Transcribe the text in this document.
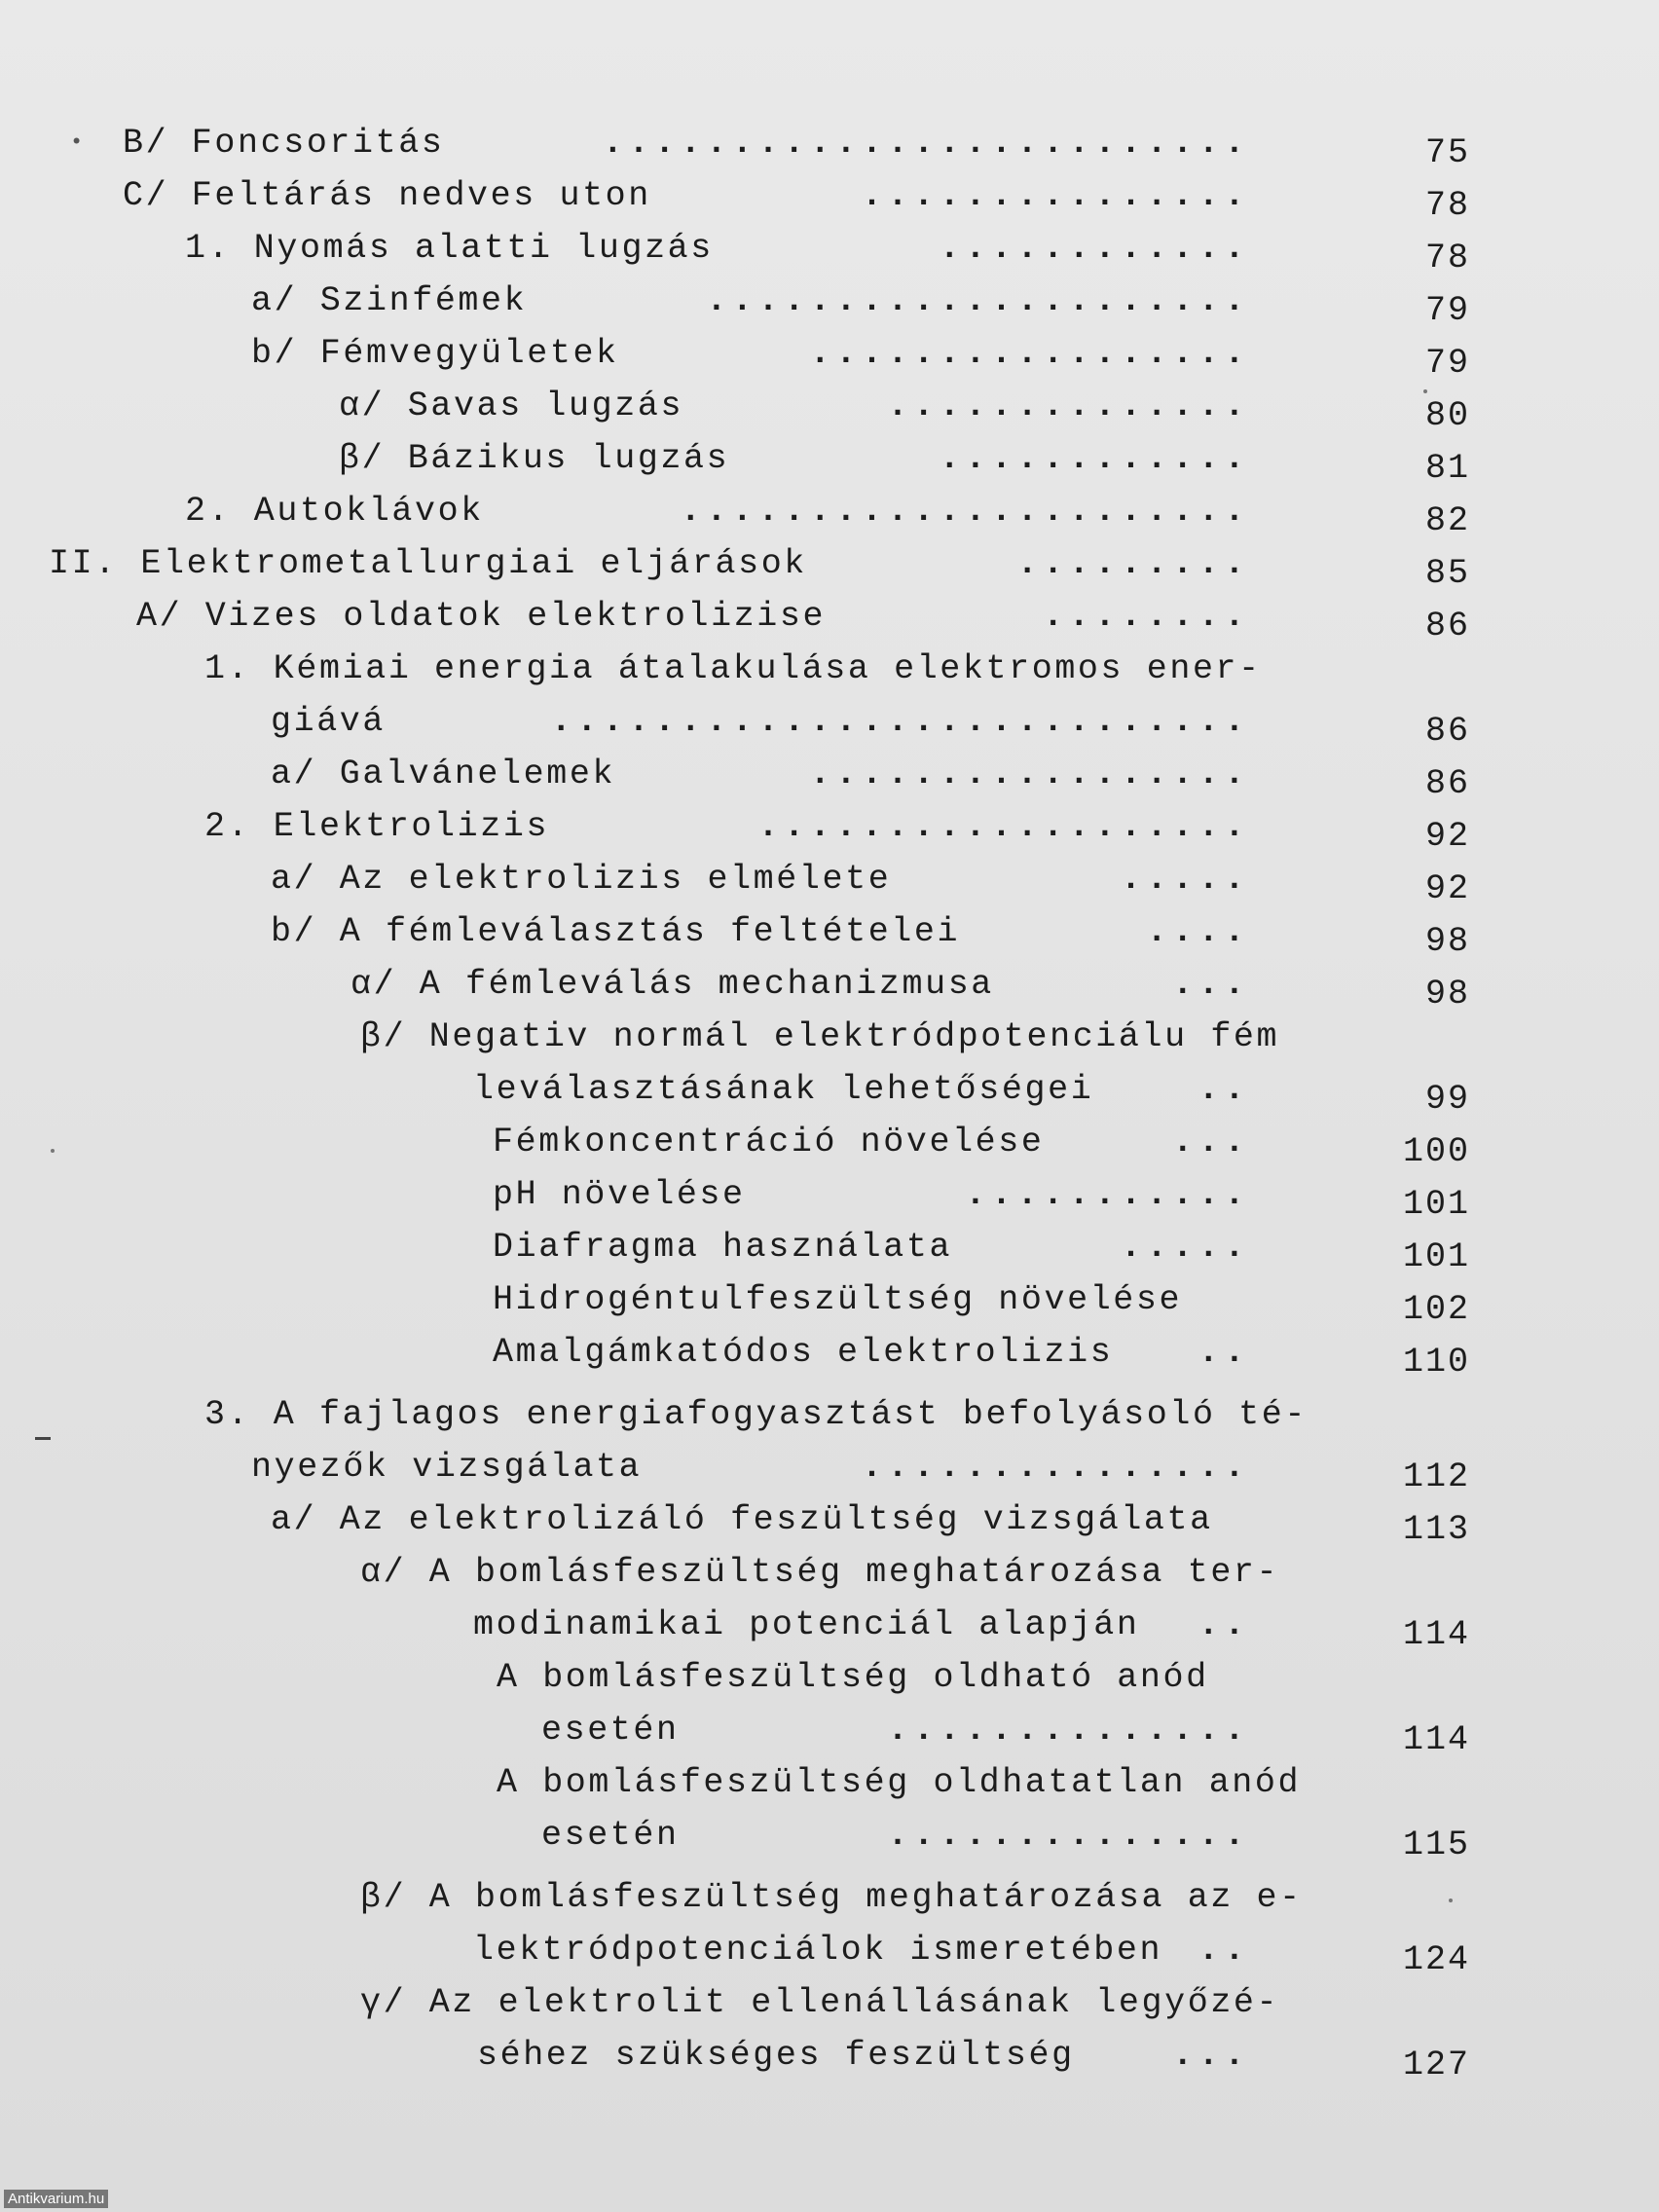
• B/ Foncsoritás	.........................	75
C/ Feltárás nedves uton	...............	78
1. Nyomás alatti lugzás	............	78
a/ Szinfémek	.....................	79
b/ Fémvegyületek	.................	79
α/ Savas lugzás	..............	80
β/ Bázikus lugzás	............	81
2. Autoklávok	......................	82
II. Elektrometallurgiai eljárások	.........	85
A/ Vizes oldatok elektrolizise	........	86
1. Kémiai energia átalakulása elektromos ener-
giává	...........................	86
a/ Galvánelemek	.................	86
2. Elektrolizis	...................	92
a/ Az elektrolizis elmélete	.....	92
b/ A fémleválasztás feltételei	....	98
α/ A fémleválás mechanizmusa	...	98
β/ Negativ normál elektródpotenciálu fém
leválasztásának lehetőségei	..	99
Fémkoncentráció növelése	...	100
pH növelése	...........	101
Diafragma használata	.....	101
Hidrogéntulfeszültség növelése	102
Amalgámkatódos elektrolizis	..	110
3. A fajlagos energiafogyasztást befolyásoló té-
nyezők vizsgálata	...............	112
a/ Az elektrolizáló feszültség vizsgálata	113
α/ A bomlásfeszültség meghatározása ter-
modinamikai potenciál alapján	..	114
A bomlásfeszültség oldható anód
esetén	..............	114
A bomlásfeszültség oldhatatlan anód
esetén	..............	115
β/ A bomlásfeszültség meghatározása az e-
lektródpotenciálok ismeretében	..	124
γ/ Az elektrolit ellenállásának legyőzé-
séhez szükséges feszültség	...	127
Antikvarium.hu
